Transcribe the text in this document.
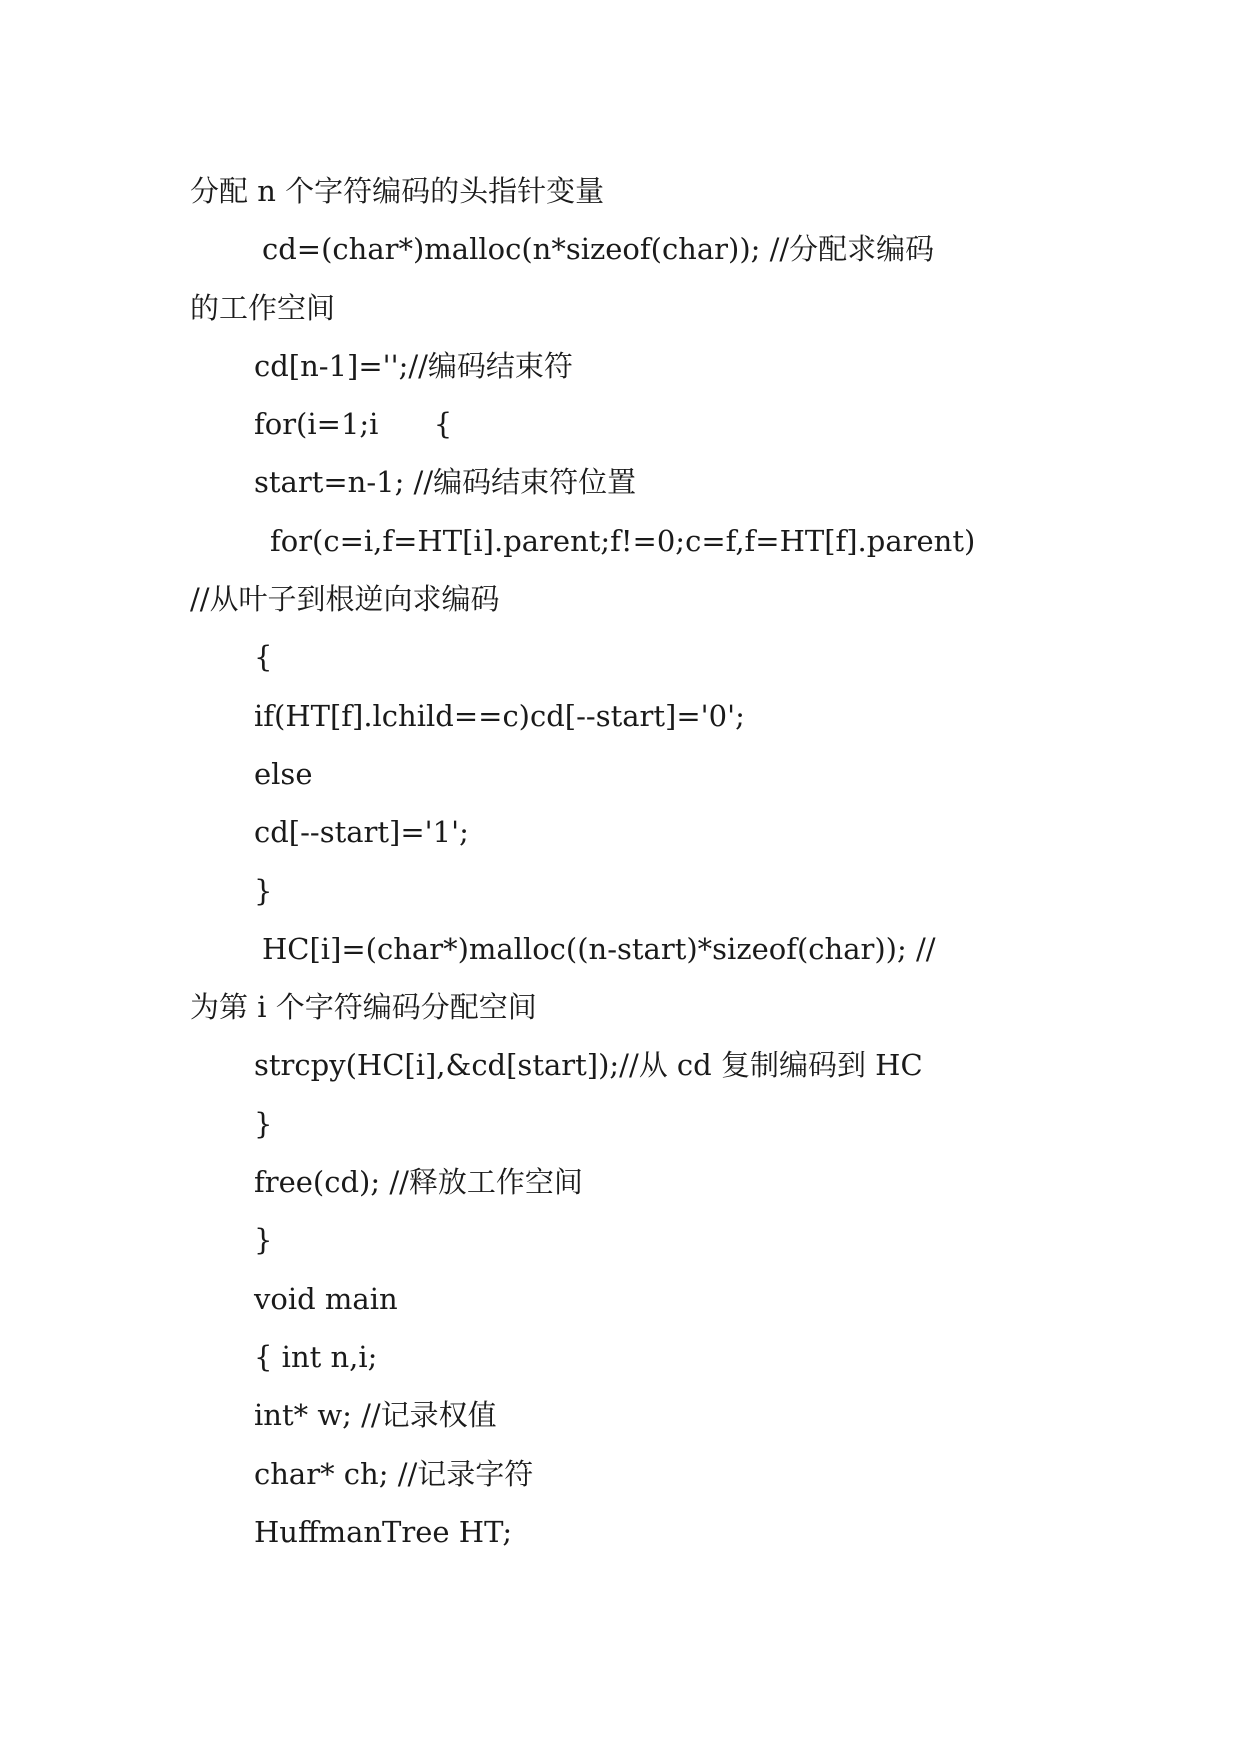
分配 n 个字符编码的头指针变量
cd=(char*)malloc(n*sizeof(char)); //分配求编码
的工作空间
cd[n-1]='';//编码结束符
for(i=1;i      {
start=n-1; //编码结束符位置
for(c=i,f=HT[i].parent;f!=0;c=f,f=HT[f].parent)
//从叶子到根逆向求编码
{
if(HT[f].lchild==c)cd[--start]='0';
else
cd[--start]='1';
}
HC[i]=(char*)malloc((n-start)*sizeof(char)); //
为第 i 个字符编码分配空间
strcpy(HC[i],&cd[start]);//从 cd 复制编码到 HC
}
free(cd); //释放工作空间
}
void main
{ int n,i;
int* w; //记录权值
char* ch; //记录字符
HuffmanTree HT;
